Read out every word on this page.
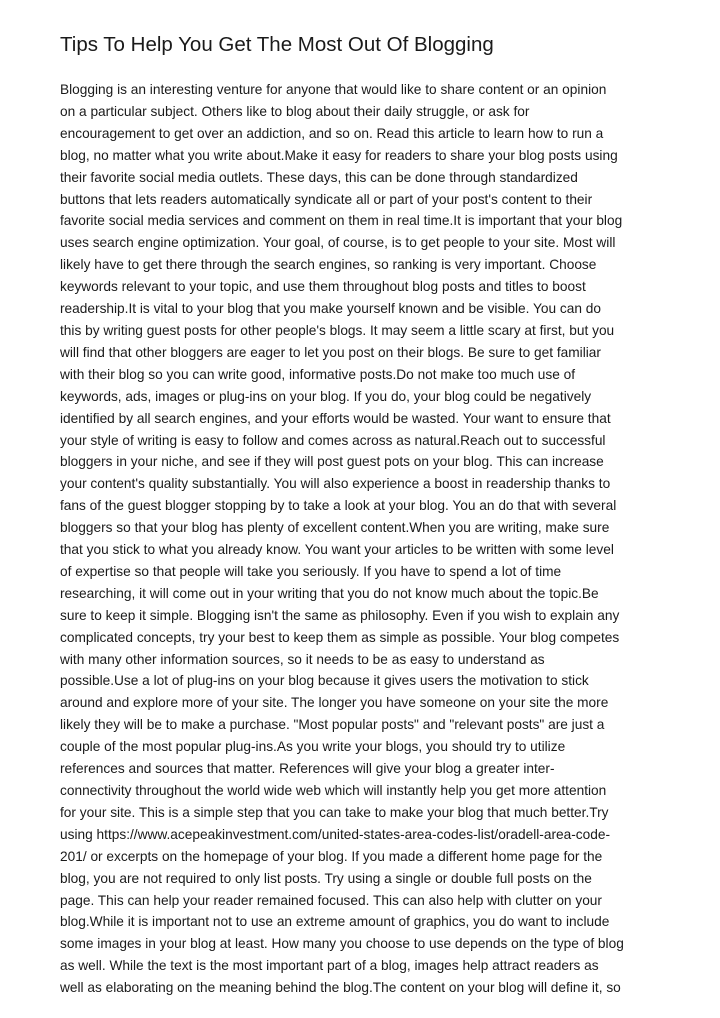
Tips To Help You Get The Most Out Of Blogging
Blogging is an interesting venture for anyone that would like to share content or an opinion
on a particular subject. Others like to blog about their daily struggle, or ask for
encouragement to get over an addiction, and so on. Read this article to learn how to run a
blog, no matter what you write about.Make it easy for readers to share your blog posts using
their favorite social media outlets. These days, this can be done through standardized
buttons that lets readers automatically syndicate all or part of your post's content to their
favorite social media services and comment on them in real time.It is important that your blog
uses search engine optimization. Your goal, of course, is to get people to your site. Most will
likely have to get there through the search engines, so ranking is very important. Choose
keywords relevant to your topic, and use them throughout blog posts and titles to boost
readership.It is vital to your blog that you make yourself known and be visible. You can do
this by writing guest posts for other people's blogs. It may seem a little scary at first, but you
will find that other bloggers are eager to let you post on their blogs. Be sure to get familiar
with their blog so you can write good, informative posts.Do not make too much use of
keywords, ads, images or plug-ins on your blog. If you do, your blog could be negatively
identified by all search engines, and your efforts would be wasted. Your want to ensure that
your style of writing is easy to follow and comes across as natural.Reach out to successful
bloggers in your niche, and see if they will post guest pots on your blog. This can increase
your content's quality substantially. You will also experience a boost in readership thanks to
fans of the guest blogger stopping by to take a look at your blog. You an do that with several
bloggers so that your blog has plenty of excellent content.When you are writing, make sure
that you stick to what you already know. You want your articles to be written with some level
of expertise so that people will take you seriously. If you have to spend a lot of time
researching, it will come out in your writing that you do not know much about the topic.Be
sure to keep it simple. Blogging isn't the same as philosophy. Even if you wish to explain any
complicated concepts, try your best to keep them as simple as possible. Your blog competes
with many other information sources, so it needs to be as easy to understand as
possible.Use a lot of plug-ins on your blog because it gives users the motivation to stick
around and explore more of your site. The longer you have someone on your site the more
likely they will be to make a purchase. "Most popular posts" and "relevant posts" are just a
couple of the most popular plug-ins.As you write your blogs, you should try to utilize
references and sources that matter. References will give your blog a greater inter-
connectivity throughout the world wide web which will instantly help you get more attention
for your site. This is a simple step that you can take to make your blog that much better.Try
using https://www.acepeakinvestment.com/united-states-area-codes-list/oradell-area-code-
201/ or excerpts on the homepage of your blog. If you made a different home page for the
blog, you are not required to only list posts. Try using a single or double full posts on the
page. This can help your reader remained focused. This can also help with clutter on your
blog.While it is important not to use an extreme amount of graphics, you do want to include
some images in your blog at least. How many you choose to use depends on the type of blog
as well. While the text is the most important part of a blog, images help attract readers as
well as elaborating on the meaning behind the blog.The content on your blog will define it, so
